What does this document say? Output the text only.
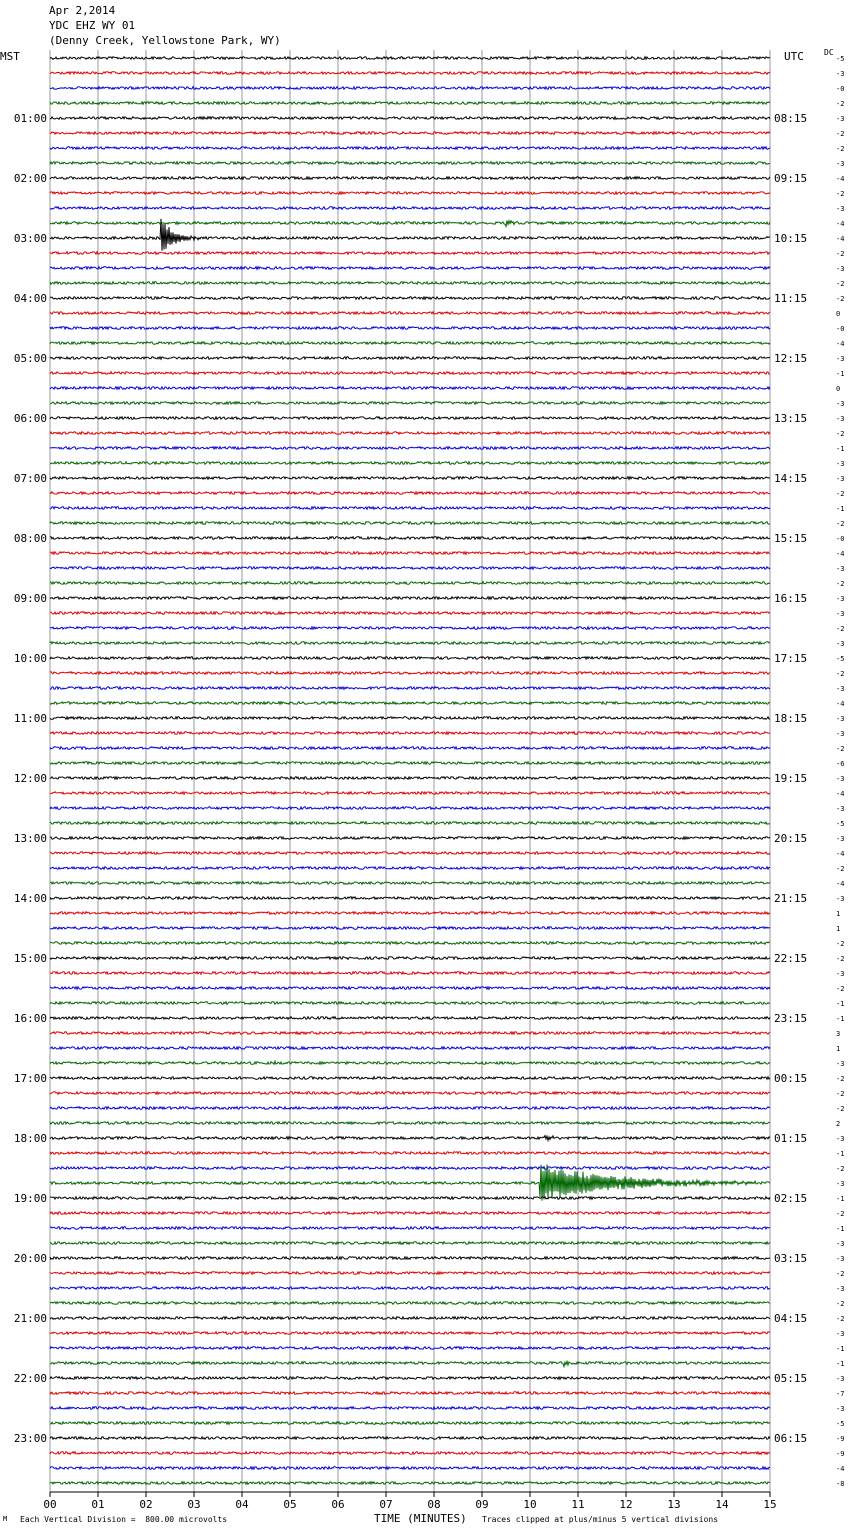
Apr 2,2014
YDC EHZ WY 01
(Denny Creek, Yellowstone Park, WY)
MST	UTC	DC
-5
-3
-0
-2
-3
-2
-2
-3
-4
-2
-3
-4
-4
-2
-3
-2
-2
0
-0
-4
-3
-1
0
-3
-3
-2
-1
-3
-3
-2
-1
-2
-0
-4
-3
-2
-3
-3
-2
-3
-5
-2
-3
-4
-3
-3
-2
-6
-3
-4
-3
-5
-3
-4
-2
-4
-3
1
1
-2
-2
-3
-2
-1
-1
3
1
-3
-2
-2
-2
2
-3
-1
-2
-3
-1
-2
-1
-3
-3
-2
-3
-2
-2
-3
-1
-1
-3
-7
-3
-5
-9
-9
-4
-8
01:00
02:00
03:00
04:00
05:00
06:00
07:00
08:00
09:00
10:00
11:00
12:00
13:00
14:00
15:00
16:00
17:00
18:00
19:00
20:00
21:00
22:00
23:00
08:15
09:15
10:15
11:15
12:15
13:15
14:15
15:15
16:15
17:15
18:15
19:15
20:15
21:15
22:15
23:15
00:15
01:15
02:15
03:15
04:15
05:15
06:15
00	01	02	03	04	05	06	07	08	09	10	11	12	13	14	15
TIME (MINUTES)
M Each Vertical Division =  800.00 microvolts	Traces clipped at plus/minus 5 vertical divisions
